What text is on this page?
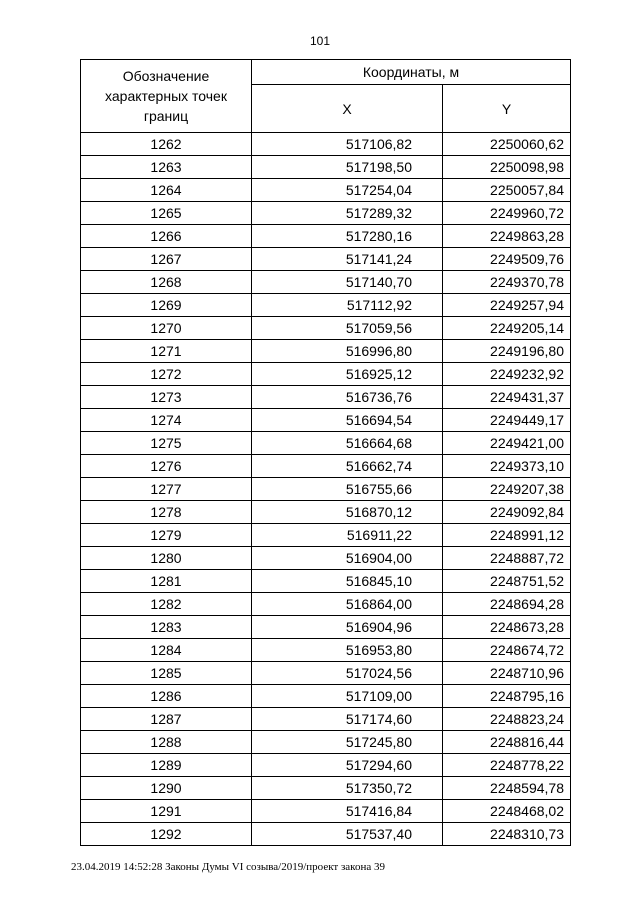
101
Обозначение характерных точек границ	Координаты, м	
	X	Y
1262	517106,82	2250060,62
1263	517198,50	2250098,98
1264	517254,04	2250057,84
1265	517289,32	2249960,72
1266	517280,16	2249863,28
1267	517141,24	2249509,76
1268	517140,70	2249370,78
1269	517112,92	2249257,94
1270	517059,56	2249205,14
1271	516996,80	2249196,80
1272	516925,12	2249232,92
1273	516736,76	2249431,37
1274	516694,54	2249449,17
1275	516664,68	2249421,00
1276	516662,74	2249373,10
1277	516755,66	2249207,38
1278	516870,12	2249092,84
1279	516911,22	2248991,12
1280	516904,00	2248887,72
1281	516845,10	2248751,52
1282	516864,00	2248694,28
1283	516904,96	2248673,28
1284	516953,80	2248674,72
1285	517024,56	2248710,96
1286	517109,00	2248795,16
1287	517174,60	2248823,24
1288	517245,80	2248816,44
1289	517294,60	2248778,22
1290	517350,72	2248594,78
1291	517416,84	2248468,02
1292	517537,40	2248310,73
23.04.2019 14:52:28 Законы Думы VI созыва/2019/проект закона 39
